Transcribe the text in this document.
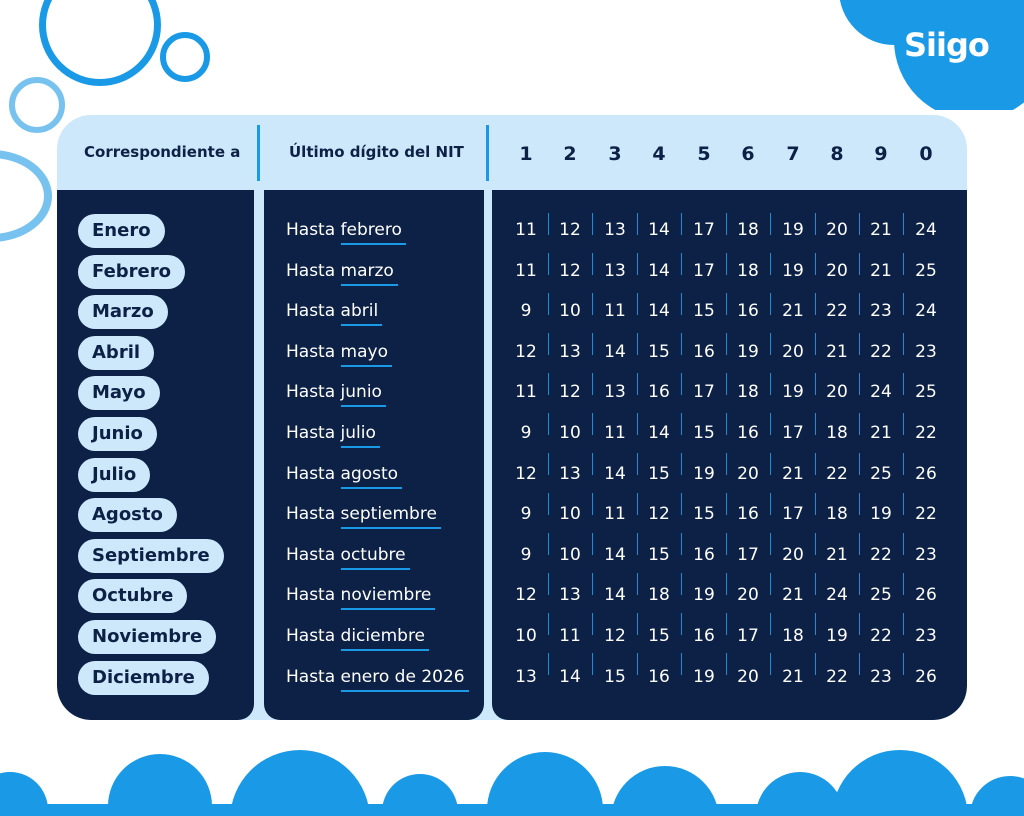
Siigo
Correspondiente a	Último dígito del NIT	1	2	3	4	5	6	7	8	9	0
Enero	Hasta febrero	11	12	13	14	17	18	19	20	21	24
Febrero	Hasta marzo	11	12	13	14	17	18	19	20	21	25
Marzo	Hasta abril	9	10	11	14	15	16	21	22	23	24
Abril	Hasta mayo	12	13	14	15	16	19	20	21	22	23
Mayo	Hasta junio	11	12	13	16	17	18	19	20	24	25
Junio	Hasta julio	9	10	11	14	15	16	17	18	21	22
Julio	Hasta agosto	12	13	14	15	19	20	21	22	25	26
Agosto	Hasta septiembre	9	10	11	12	15	16	17	18	19	22
Septiembre	Hasta octubre	9	10	14	15	16	17	20	21	22	23
Octubre	Hasta noviembre	12	13	14	18	19	20	21	24	25	26
Noviembre	Hasta diciembre	10	11	12	15	16	17	18	19	22	23
Diciembre	Hasta enero de 2026	13	14	15	16	19	20	21	22	23	26
